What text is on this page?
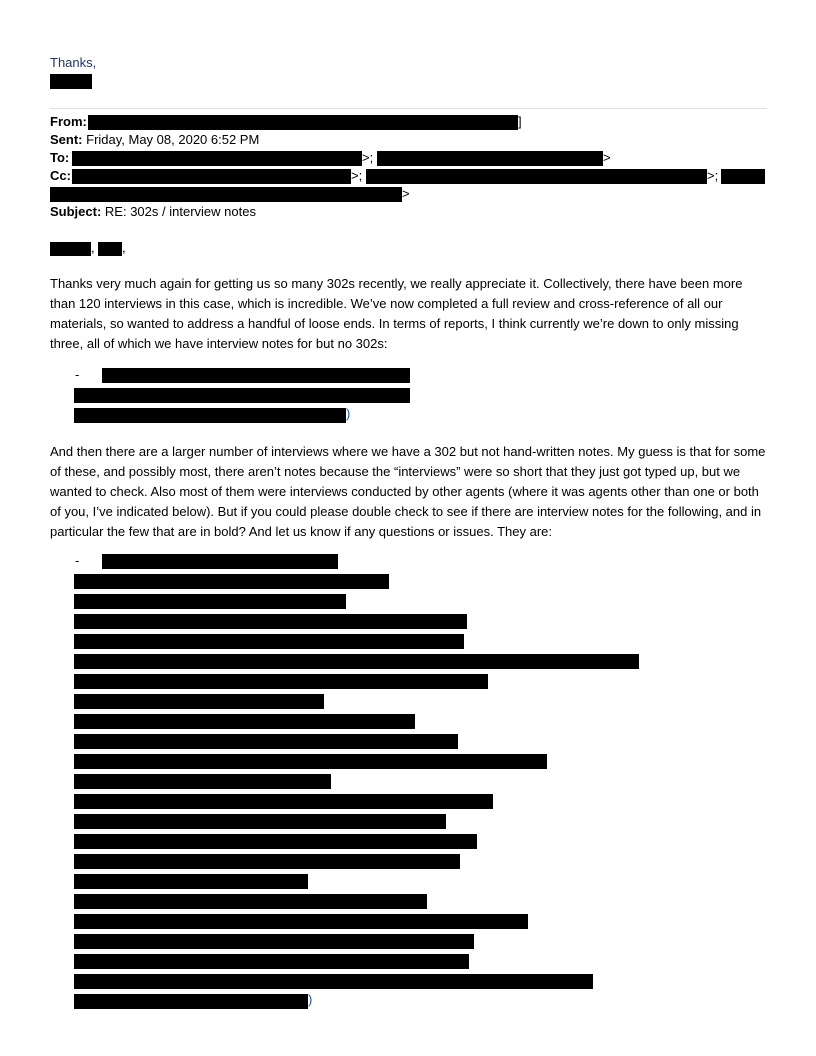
Thanks,
From:	]
Sent: Friday, May 08, 2020 6:52 PM
To:	>;	>
Cc:	>;	>;
>
Subject: RE: 302s / interview notes
, ,
Thanks very much again for getting us so many 302s recently, we really appreciate it. Collectively, there have been more than 120 interviews in this case, which is incredible. We’ve now completed a full review and cross-reference of all our materials, so wanted to address a handful of loose ends. In terms of reports, I think currently we’re down to only missing three, all of which we have interview notes for but no 302s:
-
)
And then there are a larger number of interviews where we have a 302 but not hand-written notes. My guess is that for some of these, and possibly most, there aren’t notes because the “interviews” were so short that they just got typed up, but we wanted to check. Also most of them were interviews conducted by other agents (where it was agents other than one or both of you, I’ve indicated below). But if you could please double check to see if there are interview notes for the following, and in particular the few that are in bold? And let us know if any questions or issues. They are:
-
)
